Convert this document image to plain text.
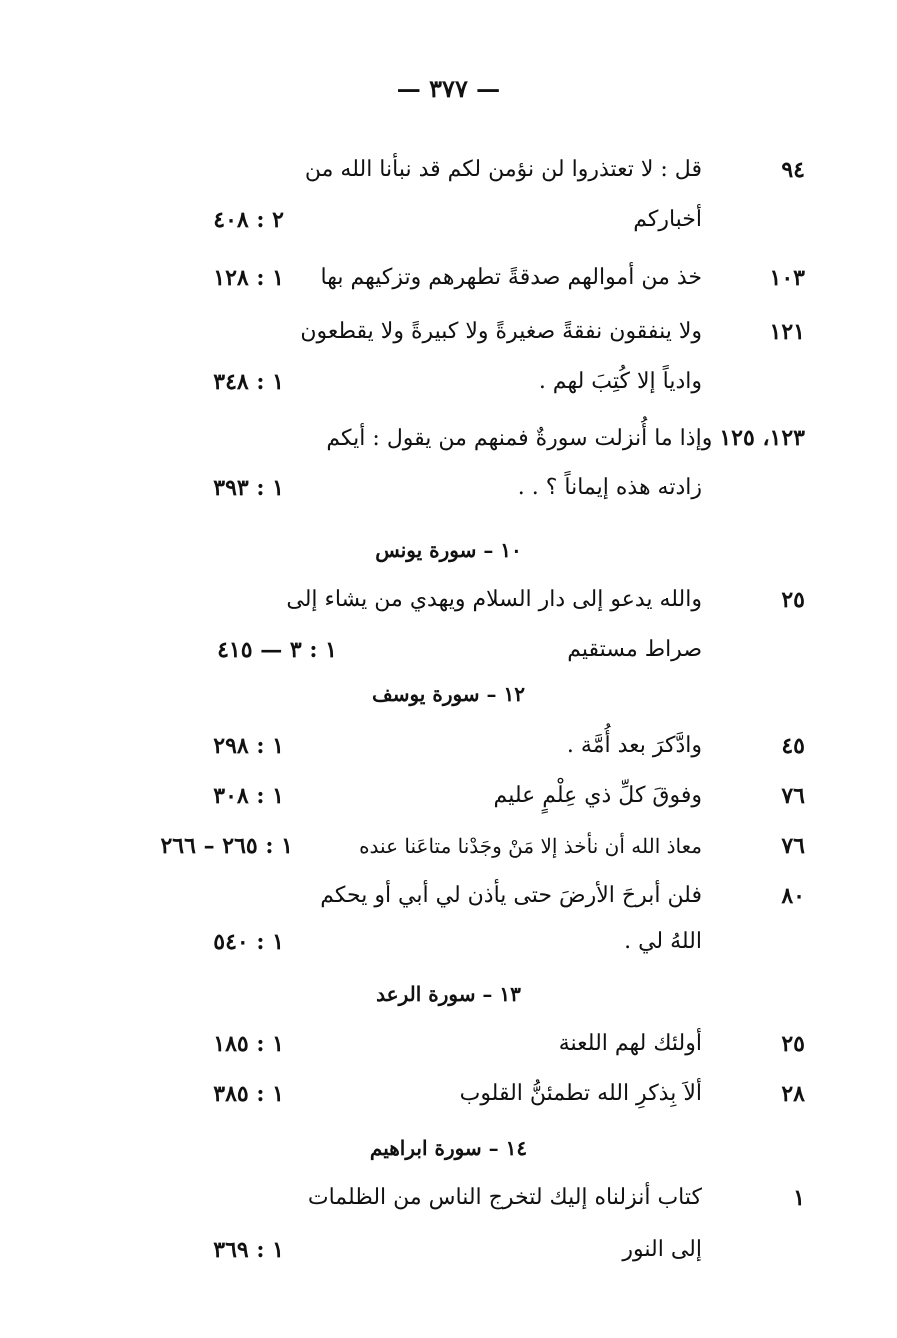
— ٣٧٧ —
٩٤
قل : لا تعتذروا لن نؤمن لكم قد نبأنا الله من
أخباركم
٢ : ٤٠٨
١٠٣
خذ من أموالهم صدقةً تطهرهم وتزكيهم بها
١ : ١٢٨
١٢١
ولا ينفقون نفقةً صغيرةً ولا كبيرةً ولا يقطعون
وادياً إلا كُتِبَ لهم .
١ : ٣٤٨
١٢٣، ١٢٥ وإذا ما أُنزلت سورةٌ فمنهم من يقول : أيكم
زادته هذه إيماناً ؟ . .
١ : ٣٩٣
١٠ – سورة يونس
٢٥
والله يدعو إلى دار السلام ويهدي من يشاء إلى
صراط مستقيم
١ : ٣ — ٤١٥
١٢ – سورة يوسف
٤٥
وادَّكرَ بعد أُمَّة .
١ : ٢٩٨
٧٦
وفوقَ كلِّ ذي عِلْمٍ عليم
١ : ٣٠٨
٧٦
معاذ الله أن نأخذ إلا مَنْ وجَدْنا متاعَنا عنده
١ : ٢٦٥ – ٢٦٦
٨٠
فلن أبرحَ الأرضَ حتى يأذن لي أبي أو يحكم
اللهُ لي .
١ : ٥٤٠
١٣ – سورة الرعد
٢٥
أولئك لهم اللعنة
١ : ١٨٥
٢٨
ألاَ بِذكرِ الله تطمئنُّ القلوب
١ : ٣٨٥
١٤ – سورة ابراهيم
١
كتاب أنزلناه إليك لتخرج الناس من الظلمات
إلى النور
١ : ٣٦٩
